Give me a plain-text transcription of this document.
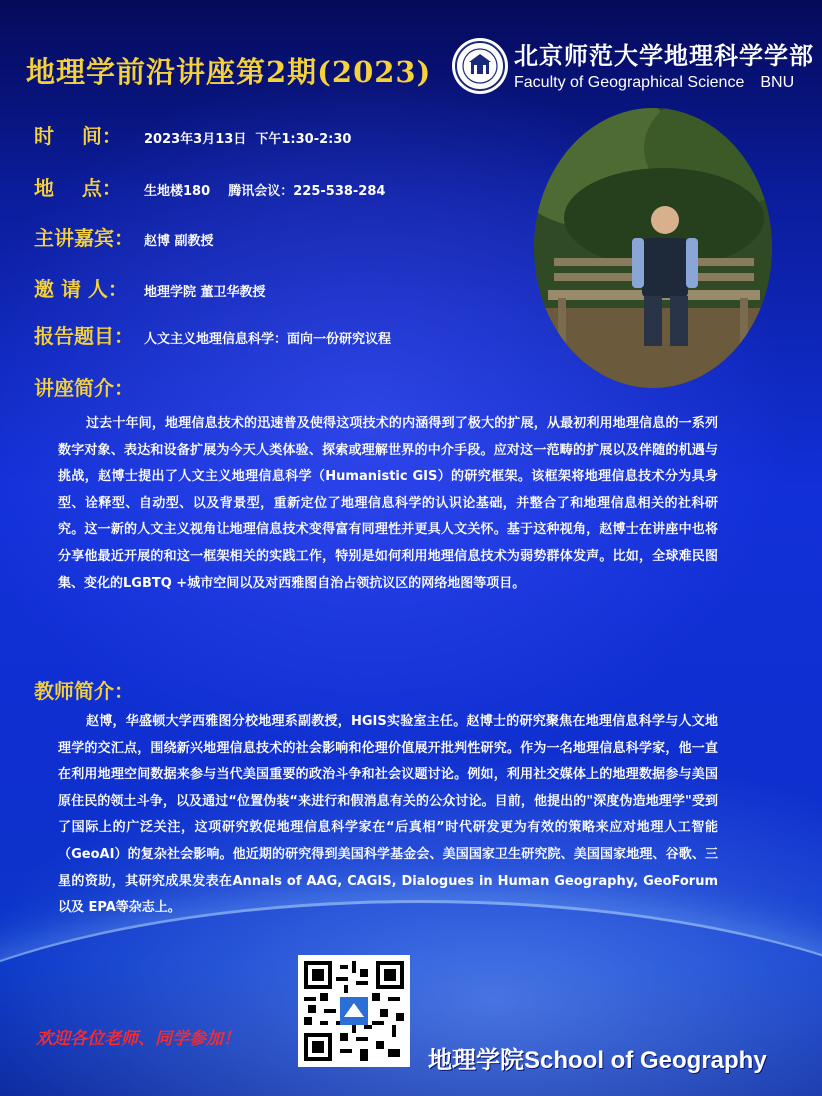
地理学前沿讲座第2期(2023)	北京师范大学地理科学学部
Faculty of Geographical Science BNU
时    间：	2023年3月13日  下午1:30-2:30
地    点：	生地楼180    腾讯会议：225-538-284
主讲嘉宾： 赵博 副教授
邀 请 人：	地理学院 董卫华教授
报告题目： 人文主义地理信息科学：面向一份研究议程
讲座简介：

过去十年间，地理信息技术的迅速普及使得这项技术的内涵得到了极大的扩展，从最初利用地理信息的一系列数字对象、表达和设备扩展为今天人类体验、探索或理解世界的中介手段。应对这一范畴的扩展以及伴随的机遇与挑战，赵博士提出了人文主义地理信息科学（Humanistic GIS）的研究框架。该框架将地理信息技术分为具身型、诠释型、自动型、以及背景型，重新定位了地理信息科学的认识论基础，并整合了和地理信息相关的社科研究。这一新的人文主义视角让地理信息技术变得富有同理性并更具人文关怀。基于这种视角，赵博士在讲座中也将分享他最近开展的和这一框架相关的实践工作，特别是如何利用地理信息技术为弱势群体发声。比如，全球难民图集、变化的LGBTQ +城市空间以及对西雅图自治占领抗议区的网络地图等项目。

教师简介：

赵博，华盛顿大学西雅图分校地理系副教授，HGIS实验室主任。赵博士的研究聚焦在地理信息科学与人文地理学的交汇点，围绕新兴地理信息技术的社会影响和伦理价值展开批判性研究。作为一名地理信息科学家，他一直在利用地理空间数据来参与当代美国重要的政治斗争和社会议题讨论。例如，利用社交媒体上的地理数据参与美国原住民的领土斗争，以及通过“位置伪装“来进行和假消息有关的公众讨论。目前，他提出的"深度伪造地理学"受到了国际上的广泛关注，这项研究敦促地理信息科学家在“后真相”时代研发更为有效的策略来应对地理人工智能（GeoAI）的复杂社会影响。他近期的研究得到美国科学基金会、美国国家卫生研究院、美国国家地理、谷歌、三星的资助，其研究成果发表在Annals of AAG, CAGIS, Dialogues in Human Geography, GeoForum 以及 EPA等杂志上。

欢迎各位老师、同学参加！
地理学院School of Geography
